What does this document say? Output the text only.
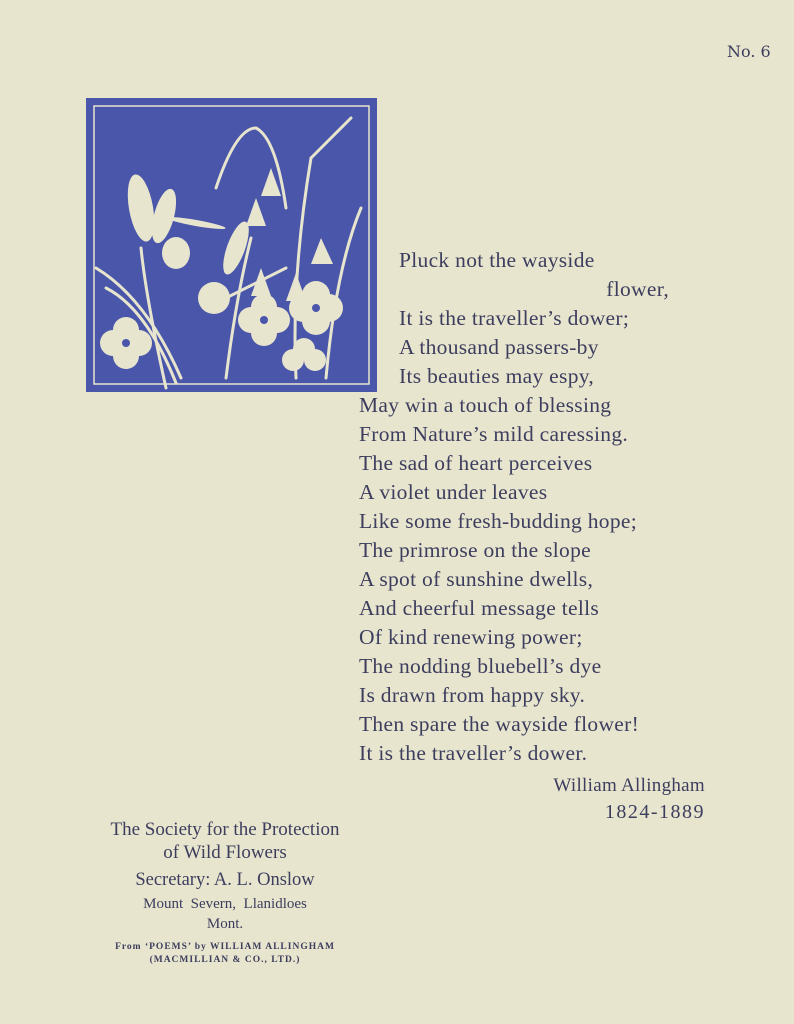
No. 6
Pluck not the wayside
flower,
It is the traveller’s dower;
A thousand passers-by
Its beauties may espy,
May win a touch of blessing
From Nature’s mild caressing.
The sad of heart perceives
A violet under leaves
Like some fresh-budding hope;
The primrose on the slope
A spot of sunshine dwells,
And cheerful message tells
Of kind renewing power;
The nodding bluebell’s dye
Is drawn from happy sky.
Then spare the wayside flower!
It is the traveller’s dower.
William Allingham
1824-1889
The Society for the Protection
of Wild Flowers
Secretary: A. L. Onslow
Mount  Severn,  Llanidloes
Mont.
From ‘POEMS’ by WILLIAM ALLINGHAM
(MACMILLIAN & CO., LTD.)
